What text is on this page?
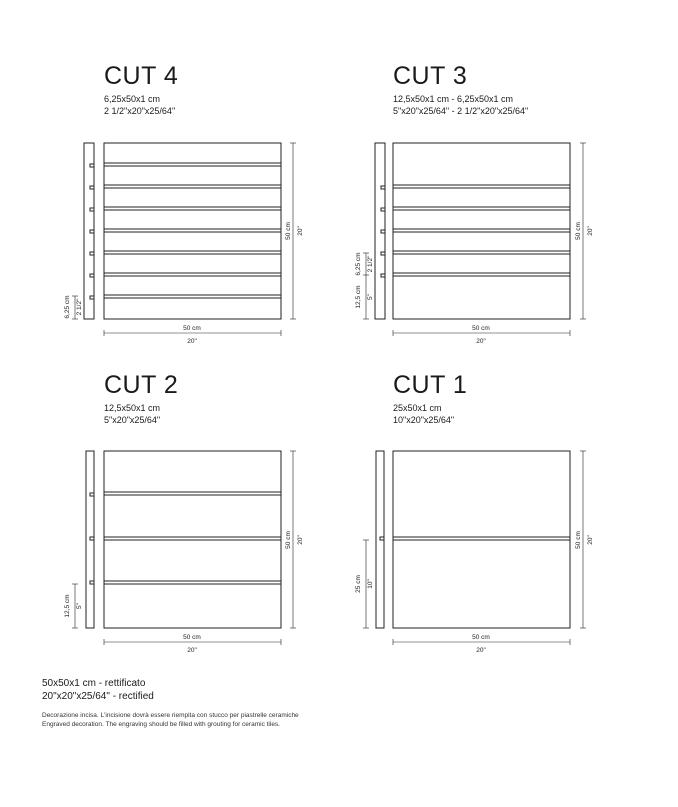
CUT 4
6,25x50x1 cm
2 1/2"x20"x25/64"
CUT 3
12,5x50x1 cm - 6,25x50x1 cm
5"x20"x25/64" - 2 1/2"x20"x25/64"
CUT 2
12,5x50x1 cm
5"x20"x25/64"
CUT 1
25x50x1 cm
10"x20"x25/64"
50 cm
20"
50 cm 20"
6,25 cm 2 1/2"
50 cm
20"
50 cm 20"
6,25 cm 2 1/2"
12,5 cm 5"
50 cm
20"
50 cm 20"
12,5 cm 5"
50 cm
20"
50 cm 20"
25 cm 10"
50x50x1 cm - rettificato
20"x20"x25/64" - rectified
Decorazione incisa. L'incisione dovrà essere riempita con stucco per piastrelle ceramiche
Engraved decoration. The engraving should be filled with grouting for ceramic tiles.
